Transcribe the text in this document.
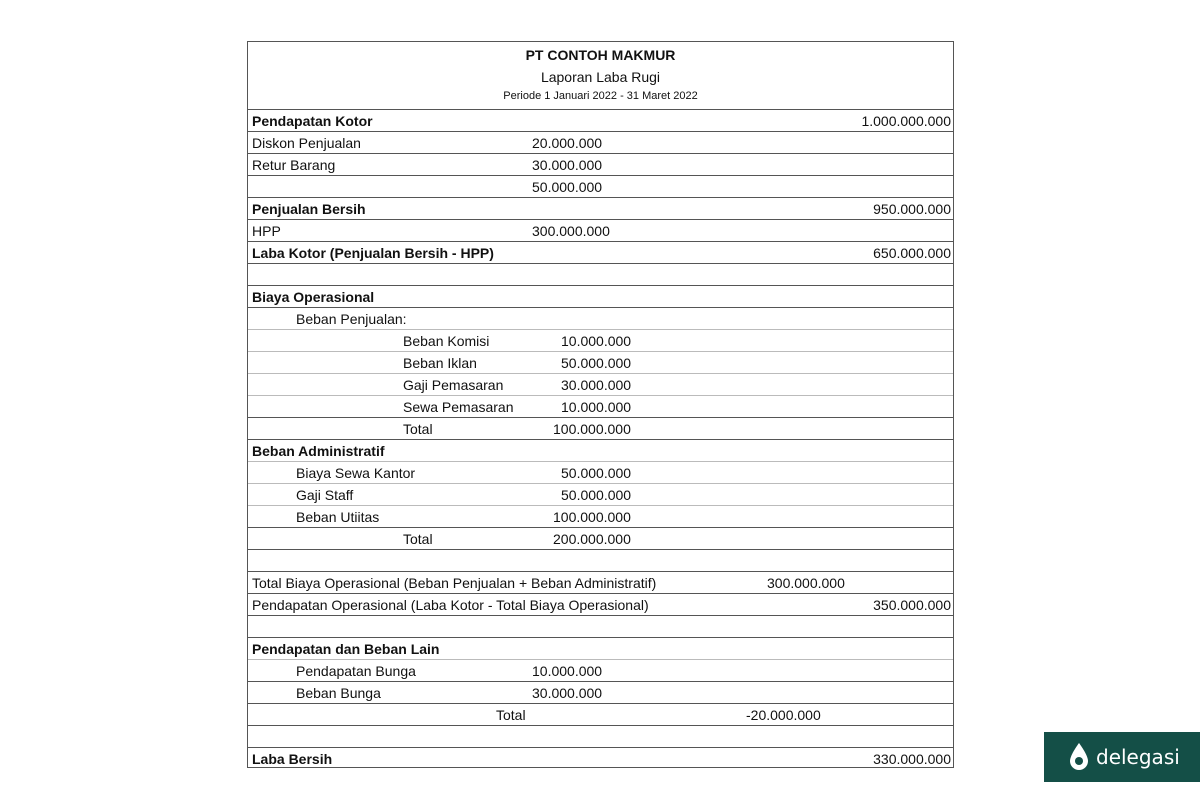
PT CONTOH MAKMUR
Laporan Laba Rugi
Periode 1 Januari 2022 - 31 Maret 2022
Pendapatan Kotor	1.000.000.000
Diskon Penjualan	20.000.000
Retur Barang	30.000.000
50.000.000
Penjualan Bersih	950.000.000
HPP	300.000.000
Laba Kotor (Penjualan Bersih - HPP)	650.000.000
Biaya Operasional
Beban Penjualan:
Beban Komisi	10.000.000
Beban Iklan	50.000.000
Gaji Pemasaran	30.000.000
Sewa Pemasaran	10.000.000
Total	100.000.000
Beban Administratif
Biaya Sewa Kantor	50.000.000
Gaji Staff	50.000.000
Beban Utiitas	100.000.000
Total	200.000.000
Total Biaya Operasional (Beban Penjualan + Beban Administratif)	300.000.000
Pendapatan Operasional (Laba Kotor - Total Biaya Operasional)	350.000.000
Pendapatan dan Beban Lain
Pendapatan Bunga	10.000.000
Beban Bunga	30.000.000
Total	-20.000.000
Laba Bersih	330.000.000	delegasi
